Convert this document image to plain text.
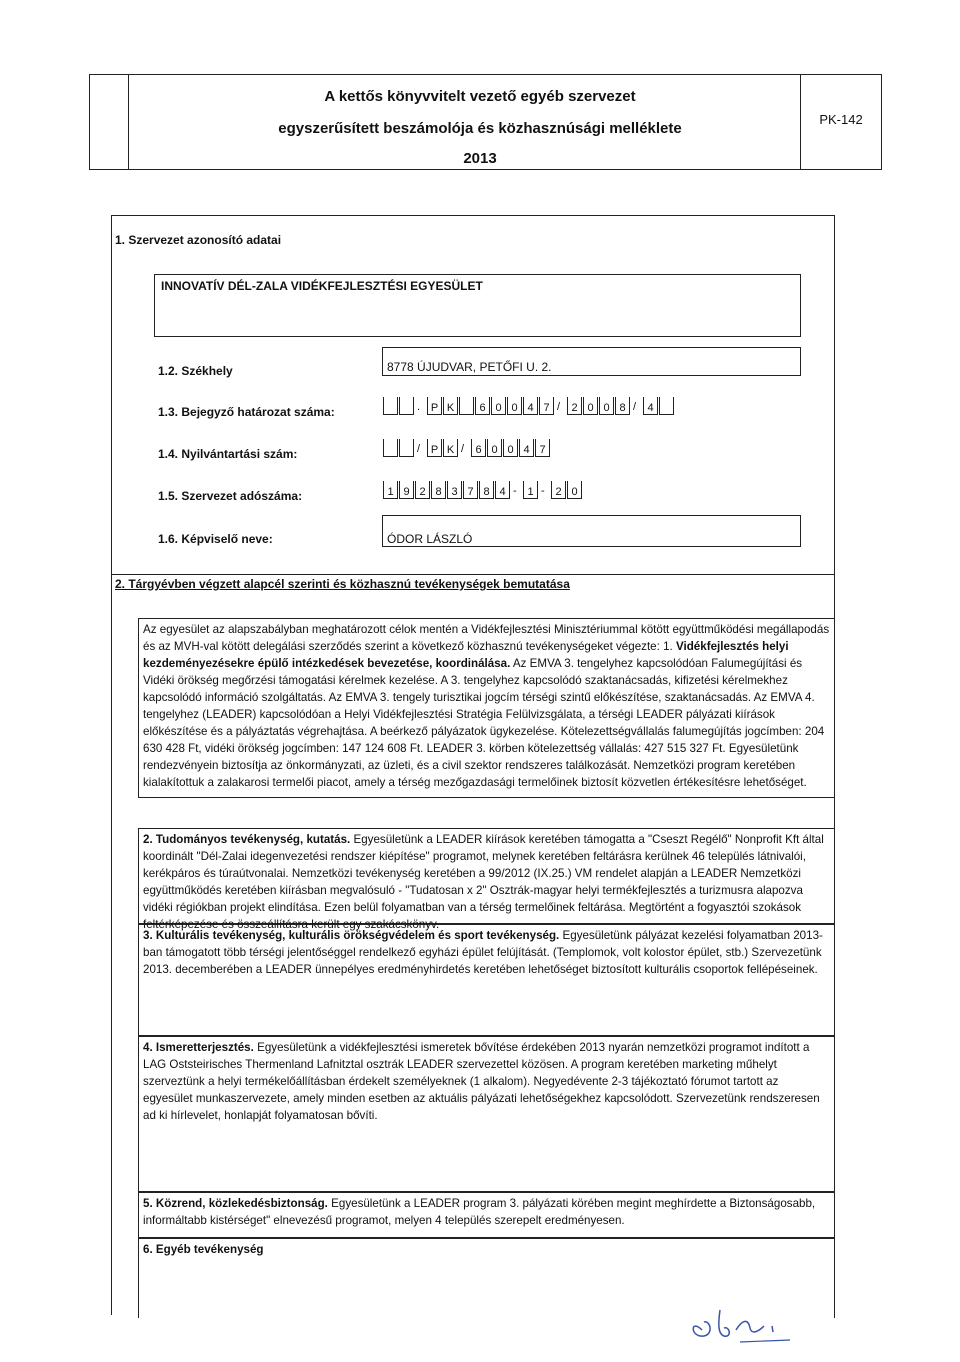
A kettős könyvvitelt vezető egyéb szervezet
egyszerűsített beszámolója és közhasznúsági melléklete
2013
PK-142
1. Szervezet azonosító adatai
INNOVATÍV DÉL-ZALA VIDÉKFEJLESZTÉSI EGYESÜLET
1.2. Székhely	8778 ÚJUDVAR, PETŐFI U. 2.
1.3. Bejegyző határozat száma:	. P K	6 0 0 4 7 /	2 0 0 8 /	4
1.4. Nyilvántartási szám:	/ P K /	6 0 0 4 7
1.5. Szervezet adószáma:	1 9 2 8 3 7 8 4 - 1 - 2 0
1.6. Képviselő neve:	ÓDOR LÁSZLÓ
2. Tárgyévben végzett alapcél szerinti és közhasznú tevékenységek bemutatása

Az egyesület az alapszabályban meghatározott célok mentén a Vidékfejlesztési Minisztériummal kötött együttműködési megállapodás és az MVH-val kötött delegálási szerződés szerint a következő közhasznú tevékenységeket végezte: 1. Vidékfejlesztés helyi kezdeményezésekre épülő intézkedések bevezetése, koordinálása. Az EMVA 3. tengelyhez kapcsolódóan Falumegújítási és Vidéki örökség megőrzési támogatási kérelmek kezelése. A 3. tengelyhez kapcsolódó szaktanácsadás, kifizetési kérelmekhez kapcsolódó információ szolgáltatás. Az EMVA 3. tengely turisztikai jogcím térségi szintű előkészítése, szaktanácsadás. Az EMVA 4. tengelyhez (LEADER) kapcsolódóan a Helyi Vidékfejlesztési Stratégia Felülvizsgálata, a térségi LEADER pályázati kiírások előkészítése és a pályáztatás végrehajtása. A beérkező pályázatok ügykezelése. Kötelezettségvállalás falumegújítás jogcímben: 204 630 428 Ft, vidéki örökség jogcímben: 147 124 608 Ft. LEADER 3. körben kötelezettség vállalás: 427 515 327 Ft. Egyesületünk rendezvényein biztosítja az önkormányzati, az üzleti, és a civil szektor rendszeres találkozását. Nemzetközi program keretében kialakítottuk a zalakarosi termelői piacot, amely a térség mezőgazdasági termelőinek biztosít közvetlen értékesítésre lehetőséget.

2. Tudományos tevékenység, kutatás. Egyesületünk a LEADER kiírások keretében támogatta a "Cseszt Regélő" Nonprofit Kft által koordinált "Dél-Zalai idegenvezetési rendszer kiépítése" programot, melynek keretében feltárásra kerülnek 46 település látnivalói, kerékpáros és túraútvonalai. Nemzetközi tevékenység keretében a 99/2012 (IX.25.) VM rendelet alapján a LEADER Nemzetközi együttműködés keretében kiírásban megvalósuló - "Tudatosan x 2" Osztrák-magyar helyi termékfejlesztés a turizmusra alapozva vidéki régiókban projekt elindítása. Ezen belül folyamatban van a térség termelőinek feltárása. Megtörtént a fogyasztói szokások feltérképezése és összeállításra került egy szakácskönyv.

3. Kulturális tevékenység, kulturális örökségvédelem és sport tevékenység. Egyesületünk pályázat kezelési folyamatban 2013-ban támogatott több térségi jelentőséggel rendelkező egyházi épület felújítását. (Templomok, volt kolostor épület, stb.) Szervezetünk 2013. decemberében a LEADER ünnepélyes eredményhirdetés keretében lehetőséget biztosított kulturális csoportok fellépéseinek.

4. Ismeretterjesztés. Egyesületünk a vidékfejlesztési ismeretek bővítése érdekében 2013 nyarán nemzetközi programot indított a LAG Oststeirisches Thermenland Lafnitztal osztrák LEADER szervezettel közösen. A program keretében marketing műhelyt szerveztünk a helyi termékelőállításban érdekelt személyeknek (1 alkalom). Negyedévente 2-3 tájékoztató fórumot tartott az egyesület munkaszervezete, amely minden esetben az aktuális pályázati lehetőségekhez kapcsolódott. Szervezetünk rendszeresen ad ki hírlevelet, honlapját folyamatosan bővíti.

5. Közrend, közlekedésbiztonság. Egyesületünk a LEADER program 3. pályázati körében megint meghírdette a Biztonságosabb, informáltabb kistérséget" elnevezésű programot, melyen 4 település szerepelt eredményesen.

6. Egyéb tevékenység
